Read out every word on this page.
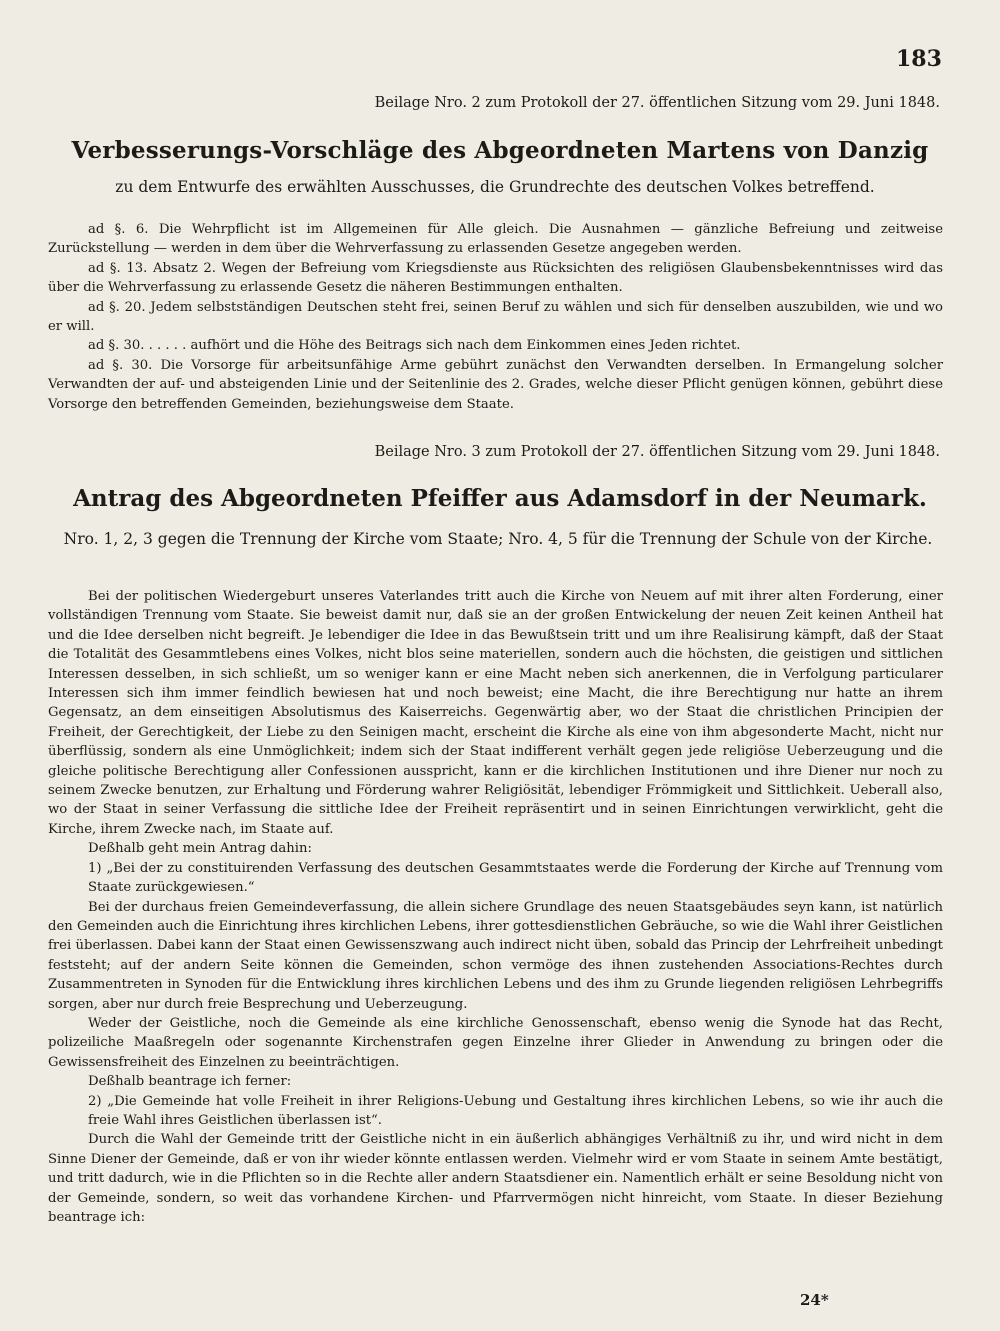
183
Beilage Nro. 2 zum Protokoll der 27. öffentlichen Sitzung vom 29. Juni 1848.
Verbesserungs-Vorschläge des Abgeordneten Martens von Danzig
zu dem Entwurfe des erwählten Ausschusses, die Grundrechte des deutschen Volkes betreffend.

ad §. 6. Die Wehrpflicht ist im Allgemeinen für Alle gleich. Die Ausnahmen — gänzliche Befreiung und zeitweise Zurückstellung — werden in dem über die Wehrverfassung zu erlassenden Gesetze angegeben werden.

ad §. 13. Absatz 2. Wegen der Befreiung vom Kriegsdienste aus Rücksichten des religiösen Glaubensbekenntnisses wird das über die Wehrverfassung zu erlassende Gesetz die näheren Bestimmungen enthalten.

ad §. 20. Jedem selbstständigen Deutschen steht frei, seinen Beruf zu wählen und sich für denselben auszubilden, wie und wo er will.

ad §. 30. . . . . . aufhört und die Höhe des Beitrags sich nach dem Einkommen eines Jeden richtet.

ad §. 30. Die Vorsorge für arbeitsunfähige Arme gebührt zunächst den Verwandten derselben. In Ermangelung solcher Verwandten der auf- und absteigenden Linie und der Seitenlinie des 2. Grades, welche dieser Pflicht genügen können, gebührt diese Vorsorge den betreffenden Gemeinden, beziehungsweise dem Staate.

Beilage Nro. 3 zum Protokoll der 27. öffentlichen Sitzung vom 29. Juni 1848.
Antrag des Abgeordneten Pfeiffer aus Adamsdorf in der Neumark.
Nro. 1, 2, 3 gegen die Trennung der Kirche vom Staate; Nro. 4, 5 für die Trennung der Schule von der Kirche.

Bei der politischen Wiedergeburt unseres Vaterlandes tritt auch die Kirche von Neuem auf mit ihrer alten Forderung, einer vollständigen Trennung vom Staate. Sie beweist damit nur, daß sie an der großen Entwickelung der neuen Zeit keinen Antheil hat und die Idee derselben nicht begreift. Je lebendiger die Idee in das Bewußtsein tritt und um ihre Realisirung kämpft, daß der Staat die Totalität des Gesammtlebens eines Volkes, nicht blos seine materiellen, sondern auch die höchsten, die geistigen und sittlichen Interessen desselben, in sich schließt, um so weniger kann er eine Macht neben sich anerkennen, die in Verfolgung particularer Interessen sich ihm immer feindlich bewiesen hat und noch beweist; eine Macht, die ihre Berechtigung nur hatte an ihrem Gegensatz, an dem einseitigen Absolutismus des Kaiserreichs. Gegenwärtig aber, wo der Staat die christlichen Principien der Freiheit, der Gerechtigkeit, der Liebe zu den Seinigen macht, erscheint die Kirche als eine von ihm abgesonderte Macht, nicht nur überflüssig, sondern als eine Unmöglichkeit; indem sich der Staat indifferent verhält gegen jede religiöse Ueberzeugung und die gleiche politische Berechtigung aller Confessionen ausspricht, kann er die kirchlichen Institutionen und ihre Diener nur noch zu seinem Zwecke benutzen, zur Erhaltung und Förderung wahrer Religiösität, lebendiger Frömmigkeit und Sittlichkeit. Ueberall also, wo der Staat in seiner Verfassung die sittliche Idee der Freiheit repräsentirt und in seinen Einrichtungen verwirklicht, geht die Kirche, ihrem Zwecke nach, im Staate auf.

Deßhalb geht mein Antrag dahin:

1) „Bei der zu constituirenden Verfassung des deutschen Gesammtstaates werde die Forderung der Kirche auf Trennung vom Staate zurückgewiesen.“

Bei der durchaus freien Gemeindeverfassung, die allein sichere Grundlage des neuen Staatsgebäudes seyn kann, ist natürlich den Gemeinden auch die Einrichtung ihres kirchlichen Lebens, ihrer gottesdienstlichen Gebräuche, so wie die Wahl ihrer Geistlichen frei überlassen. Dabei kann der Staat einen Gewissenszwang auch indirect nicht üben, sobald das Princip der Lehrfreiheit unbedingt feststeht; auf der andern Seite können die Gemeinden, schon vermöge des ihnen zustehenden Associations-Rechtes durch Zusammentreten in Synoden für die Entwicklung ihres kirchlichen Lebens und des ihm zu Grunde liegenden religiösen Lehrbegriffs sorgen, aber nur durch freie Besprechung und Ueberzeugung.

Weder der Geistliche, noch die Gemeinde als eine kirchliche Genossenschaft, ebenso wenig die Synode hat das Recht, polizeiliche Maaßregeln oder sogenannte Kirchenstrafen gegen Einzelne ihrer Glieder in Anwendung zu bringen oder die Gewissensfreiheit des Einzelnen zu beeinträchtigen.

Deßhalb beantrage ich ferner:

2) „Die Gemeinde hat volle Freiheit in ihrer Religions-Uebung und Gestaltung ihres kirchlichen Lebens, so wie ihr auch die freie Wahl ihres Geistlichen überlassen ist“.

Durch die Wahl der Gemeinde tritt der Geistliche nicht in ein äußerlich abhängiges Verhältniß zu ihr, und wird nicht in dem Sinne Diener der Gemeinde, daß er von ihr wieder könnte entlassen werden. Vielmehr wird er vom Staate in seinem Amte bestätigt, und tritt dadurch, wie in die Pflichten so in die Rechte aller andern Staatsdiener ein. Namentlich erhält er seine Besoldung nicht von der Gemeinde, sondern, so weit das vorhandene Kirchen- und Pfarrvermögen nicht hinreicht, vom Staate. In dieser Beziehung beantrage ich:

24*
